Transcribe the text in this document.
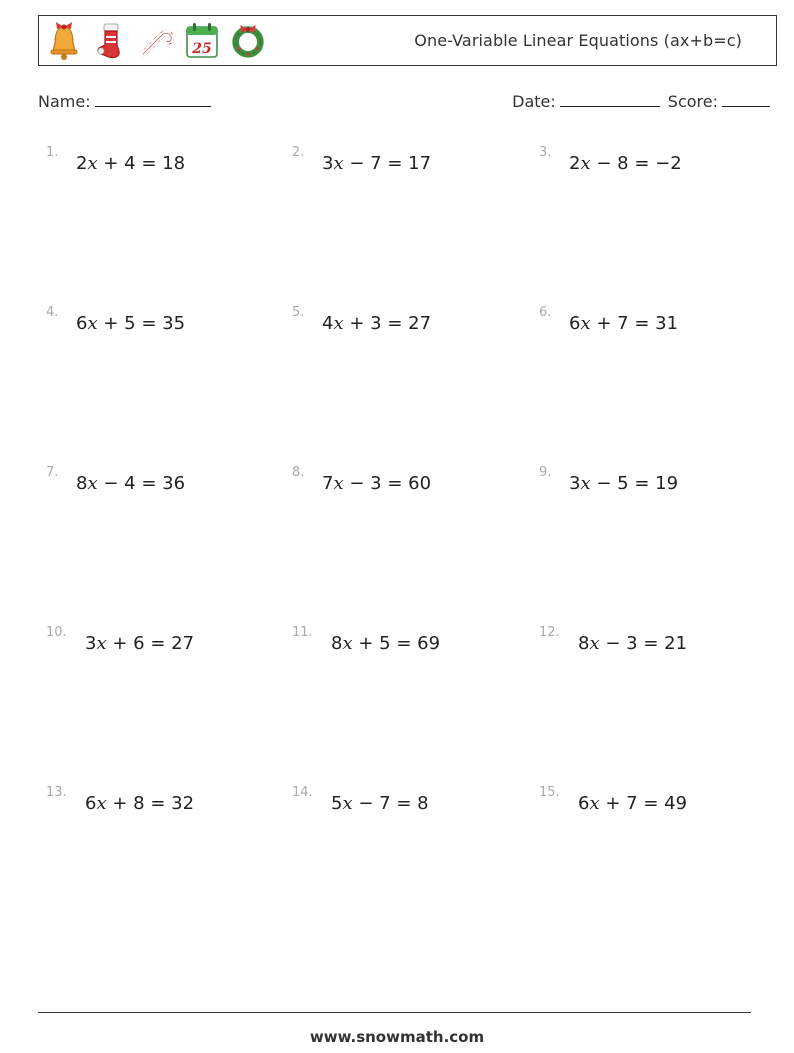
25	One-Variable Linear Equations (ax+b=c)
Name:	Date:	Score:
1.
2x + 4 = 18
2.
3x − 7 = 17
3.
2x − 8 = −2
4.
6x + 5 = 35
5.
4x + 3 = 27
6.
6x + 7 = 31
7.
8x − 4 = 36
8.
7x − 3 = 60
9.
3x − 5 = 19
10.
3x + 6 = 27
11.
8x + 5 = 69
12.
8x − 3 = 21
13.
6x + 8 = 32
14.
5x − 7 = 8
15.
6x + 7 = 49
www.snowmath.com
